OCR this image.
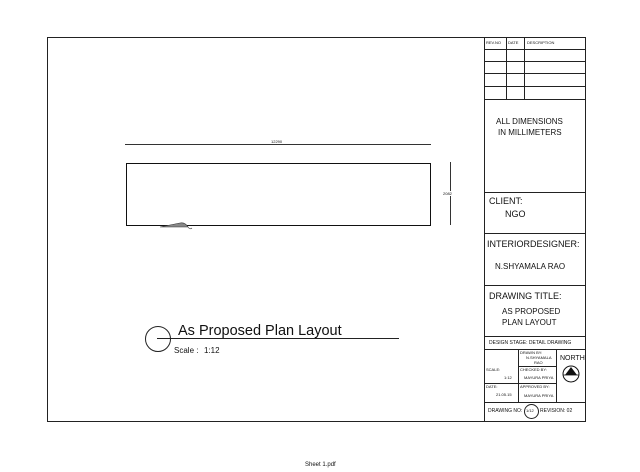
12290
2082
As Proposed Plan Layout
Scale : 1:12
REV.NO DATE DESCRIPTION
ALL DIMENSIONS
IN MILLIMETERS
CLIENT:
NGO
INTERIORDESIGNER:
N.SHYAMALA RAO
DRAWING TITLE:
AS PROPOSED
PLAN LAYOUT
DESIGN STAGE: DETAIL DRAWING
DRAWN BY:
N.SHYAMALA
RAO
SCALE:
1:12
CHECKED BY:
MAYURA PRIYA
DATE:
21.05.15
APPROVED BY:
MAYURA PRIYA
NORTH
DRAWING NO: 1/12 REVISION: 02
Sheet 1.pdf
